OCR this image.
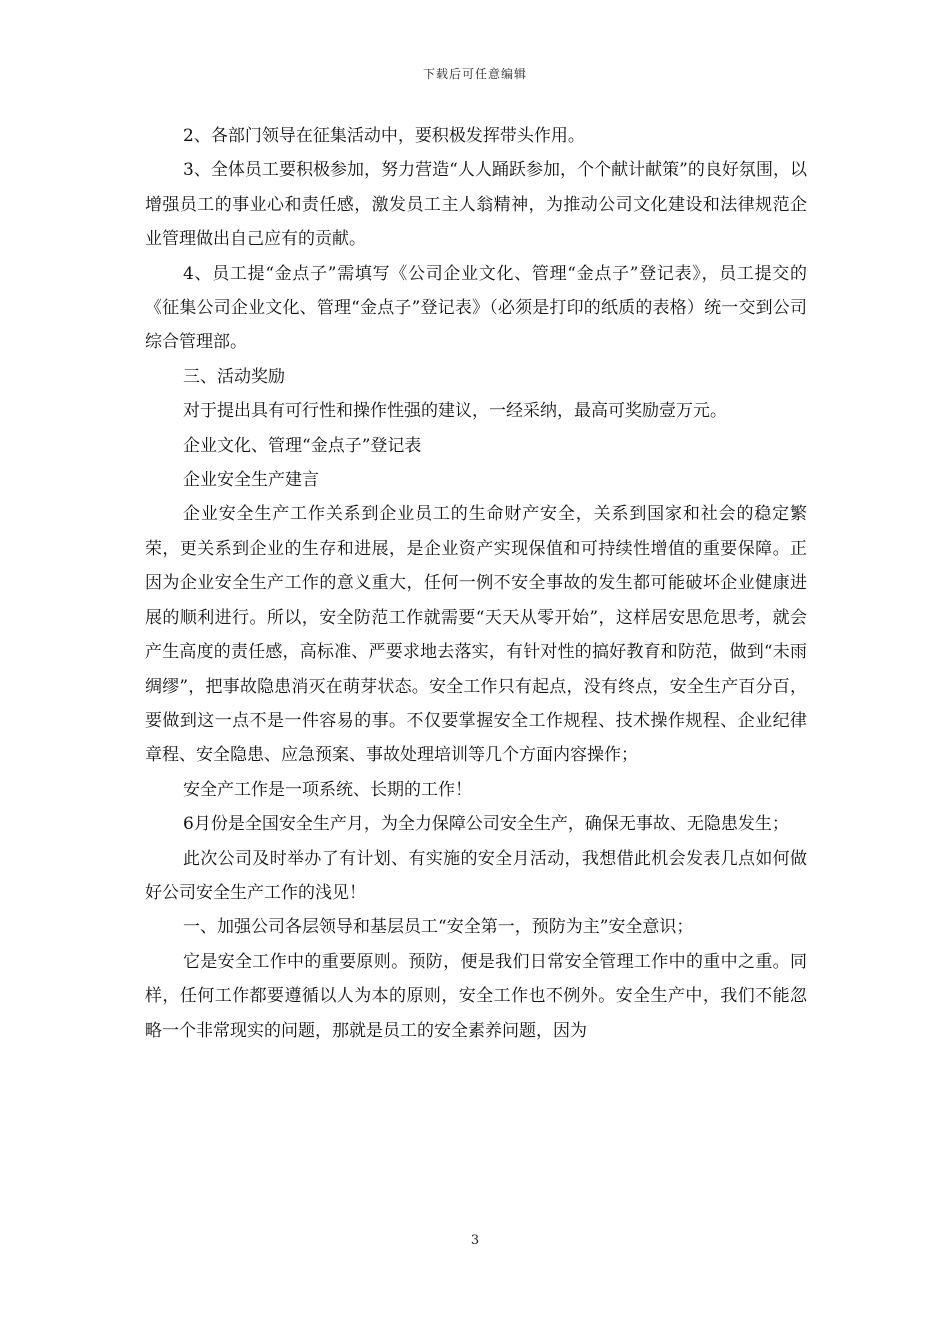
下载后可任意编辑

2、各部门领导在征集活动中，要积极发挥带头作用。

3、全体员工要积极参加，努力营造“人人踊跃参加，个个献计献策”的良好氛围，以增强员工的事业心和责任感，激发员工主人翁精神，为推动公司文化建设和法律规范企业管理做出自己应有的贡献。

4、员工提“金点子”需填写《公司企业文化、管理“金点子”登记表》，员工提交的《征集公司企业文化、管理“金点子”登记表》（必须是打印的纸质的表格）统一交到公司综合管理部。

三、活动奖励

对于提出具有可行性和操作性强的建议，一经采纳，最高可奖励壹万元。

企业文化、管理“金点子”登记表

企业安全生产建言

企业安全生产工作关系到企业员工的生命财产安全，关系到国家和社会的稳定繁荣，更关系到企业的生存和进展，是企业资产实现保值和可持续性增值的重要保障。正因为企业安全生产工作的意义重大，任何一例不安全事故的发生都可能破坏企业健康进展的顺利进行。所以，安全防范工作就需要“天天从零开始”，这样居安思危思考，就会产生高度的责任感，高标准、严要求地去落实，有针对性的搞好教育和防范，做到“未雨绸缪”，把事故隐患消灭在萌芽状态。安全工作只有起点，没有终点，安全生产百分百，要做到这一点不是一件容易的事。不仅要掌握安全工作规程、技术操作规程、企业纪律章程、安全隐患、应急预案、事故处理培训等几个方面内容操作；

安全产工作是一项系统、长期的工作！

6月份是全国安全生产月，为全力保障公司安全生产，确保无事故、无隐患发生；

此次公司及时举办了有计划、有实施的安全月活动，我想借此机会发表几点如何做好公司安全生产工作的浅见！

一、加强公司各层领导和基层员工“安全第一，预防为主”安全意识；

它是安全工作中的重要原则。预防，便是我们日常安全管理工作中的重中之重。同样，任何工作都要遵循以人为本的原则，安全工作也不例外。安全生产中，我们不能忽略一个非常现实的问题，那就是员工的安全素养问题，因为

3
